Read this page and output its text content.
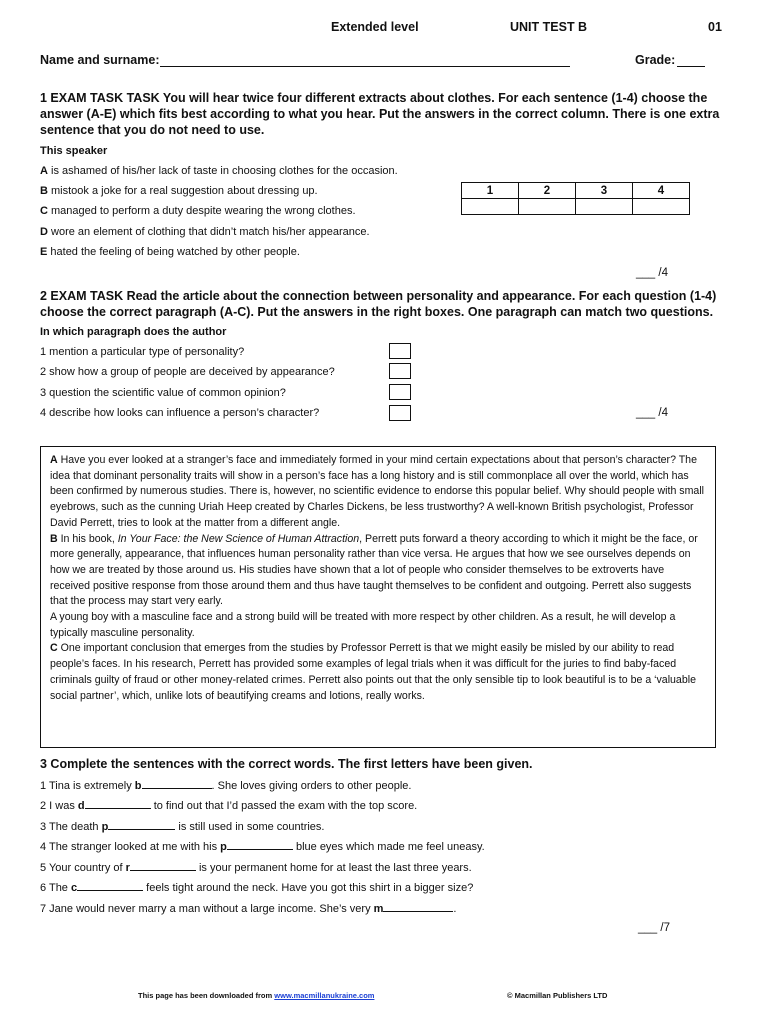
Extended level	UNIT TEST B	01
Name and surname:	Grade:
1 EXAM TASK TASK You will hear twice four different extracts about clothes. For each sentence (1-4) choose the answer (A-E) which fits best according to what you hear. Put the answers in the correct column. There is one extra sentence that you do not need to use.
This speaker
A is ashamed of his/her lack of taste in choosing clothes for the occasion.
B mistook a joke for a real suggestion about dressing up.
C managed to perform a duty despite wearing the wrong clothes.
D wore an element of clothing that didn’t match his/her appearance.
E hated the feeling of being watched by other people.
1	2	3	4

___ /4
2 EXAM TASK Read the article about the connection between personality and appearance. For each question (1-4) choose the correct paragraph (A-C). Put the answers in the right boxes. One paragraph can match two questions.
In which paragraph does the author
1 mention a particular type of personality?
2 show how a group of people are deceived by appearance?
3 question the scientific value of common opinion?
4 describe how looks can influence a person’s character?	___ /4

A Have you ever looked at a stranger’s face and immediately formed in your mind certain expectations about that person’s character? The idea that dominant personality traits will show in a person’s face has a long history and is still commonplace all over the world, which has been confirmed by numerous studies. There is, however, no scientific evidence to endorse this popular belief. Why should people with small eyebrows, such as the cunning Uriah Heep created by Charles Dickens, be less trustworthy? A well-known British psychologist, Professor David Perrett, tries to look at the matter from a different angle.

B In his book, In Your Face: the New Science of Human Attraction, Perrett puts forward a theory according to which it might be the face, or more generally, appearance, that influences human personality rather than vice versa. He argues that how we see ourselves depends on how we are treated by those around us. His studies have shown that a lot of people who consider themselves to be extroverts have received positive response from those around them and thus have taught themselves to be confident and outgoing. Perrett also suggests that the process may start very early.

A young boy with a masculine face and a strong build will be treated with more respect by other children. As a result, he will develop a typically masculine personality.

C One important conclusion that emerges from the studies by Professor Perrett is that we might easily be misled by our ability to read people’s faces. In his research, Perrett has provided some examples of legal trials when it was difficult for the juries to find baby-faced criminals guilty of fraud or other money-related crimes. Perrett also points out that the only sensible tip to look beautiful is to be a ‘valuable social partner’, which, unlike lots of beautifying creams and lotions, really works.

3 Complete the sentences with the correct words. The first letters have been given.
1 Tina is extremely b	. She loves giving orders to other people.
2 I was d	to find out that I’d passed the exam with the top score.
3 The death p	is still used in some countries.
4 The stranger looked at me with his p	blue eyes which made me feel uneasy.
5 Your country of r	is your permanent home for at least the last three years.
6 The c	feels tight around the neck. Have you got this shirt in a bigger size?
7 Jane would never marry a man without a large income. She’s very m	.
___ /7
This page has been downloaded from www.macmillanukraine.com	© Macmillan Publishers LTD
